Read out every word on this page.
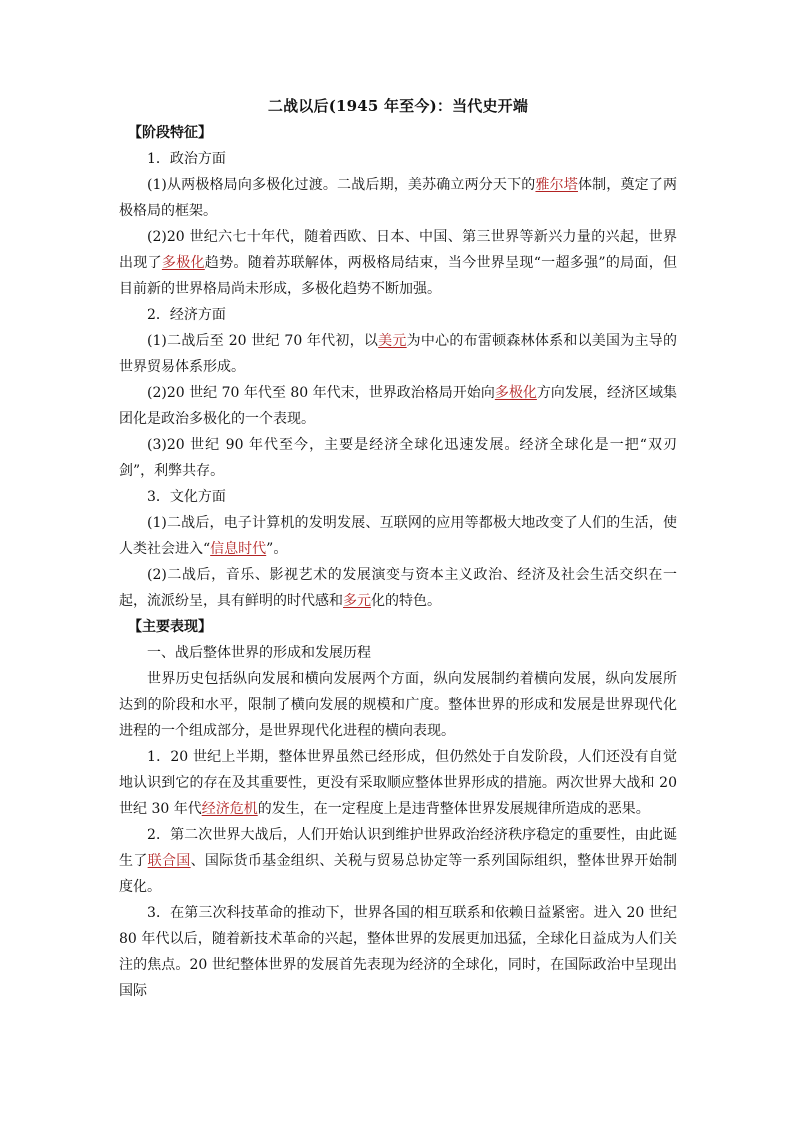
二战以后(1945 年至今)：当代史开端

【阶段特征】

1．政治方面

(1)从两极格局向多极化过渡。二战后期，美苏确立两分天下的雅尔塔体制，奠定了两极格局的框架。

(2)20 世纪六七十年代，随着西欧、日本、中国、第三世界等新兴力量的兴起，世界出现了多极化趋势。随着苏联解体，两极格局结束，当今世界呈现“一超多强”的局面，但目前新的世界格局尚未形成，多极化趋势不断加强。

2．经济方面

(1)二战后至 20 世纪 70 年代初，以美元为中心的布雷顿森林体系和以美国为主导的世界贸易体系形成。

(2)20 世纪 70 年代至 80 年代末，世界政治格局开始向多极化方向发展，经济区域集团化是政治多极化的一个表现。

(3)20 世纪 90 年代至今，主要是经济全球化迅速发展。经济全球化是一把“双刃剑”，利弊共存。

3．文化方面

(1)二战后，电子计算机的发明发展、互联网的应用等都极大地改变了人们的生活，使人类社会进入“信息时代”。

(2)二战后，音乐、影视艺术的发展演变与资本主义政治、经济及社会生活交织在一起，流派纷呈，具有鲜明的时代感和多元化的特色。

【主要表现】

一、战后整体世界的形成和发展历程

世界历史包括纵向发展和横向发展两个方面，纵向发展制约着横向发展，纵向发展所达到的阶段和水平，限制了横向发展的规模和广度。整体世界的形成和发展是世界现代化进程的一个组成部分，是世界现代化进程的横向表现。

1．20 世纪上半期，整体世界虽然已经形成，但仍然处于自发阶段，人们还没有自觉地认识到它的存在及其重要性，更没有采取顺应整体世界形成的措施。两次世界大战和 20 世纪 30 年代经济危机的发生，在一定程度上是违背整体世界发展规律所造成的恶果。

2．第二次世界大战后，人们开始认识到维护世界政治经济秩序稳定的重要性，由此诞生了联合国、国际货币基金组织、关税与贸易总协定等一系列国际组织，整体世界开始制度化。

3．在第三次科技革命的推动下，世界各国的相互联系和依赖日益紧密。进入 20 世纪 80 年代以后，随着新技术革命的兴起，整体世界的发展更加迅猛，全球化日益成为人们关注的焦点。20 世纪整体世界的发展首先表现为经济的全球化，同时，在国际政治中呈现出国际
